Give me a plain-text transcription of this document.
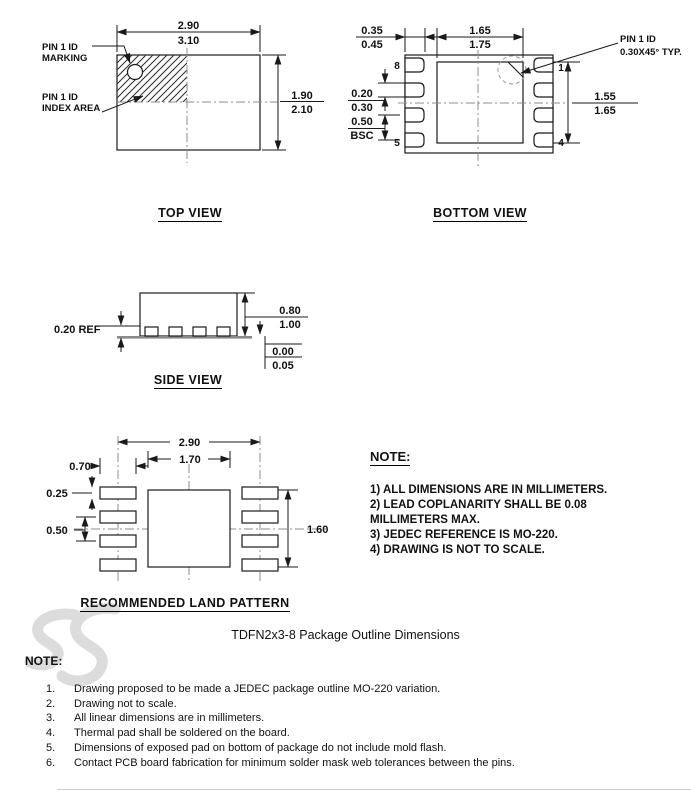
2.90
3.10
1.90
2.10
PIN 1 ID
MARKING
PIN 1 ID
INDEX AREA
TOP VIEW
0.35
0.45
1.65
1.75
0.20
0.30
0.50
BSC
1.55
1.65
PIN 1 ID
0.30X45° TYP.
8
5
1
4
BOTTOM VIEW
0.20 REF
0.80
1.00
0.00
0.05
SIDE VIEW
2.90
1.70
0.70
0.25
0.50	1.60
RECOMMENDED LAND PATTERN
NOTE:
1) ALL DIMENSIONS ARE IN MILLIMETERS.
2) LEAD COPLANARITY SHALL BE 0.08 MILLIMETERS MAX.
3) JEDEC REFERENCE IS MO-220.
4) DRAWING IS NOT TO SCALE.
TDFN2x3-8 Package Outline Dimensions
NOTE:
1.	Drawing proposed to be made a JEDEC package outline MO-220 variation.
2.	Drawing not to scale.
3.	All linear dimensions are in millimeters.
4.	Thermal pad shall be soldered on the board.
5.	Dimensions of exposed pad on bottom of package do not include mold flash.
6.	Contact PCB board fabrication for minimum solder mask web tolerances between the pins.
